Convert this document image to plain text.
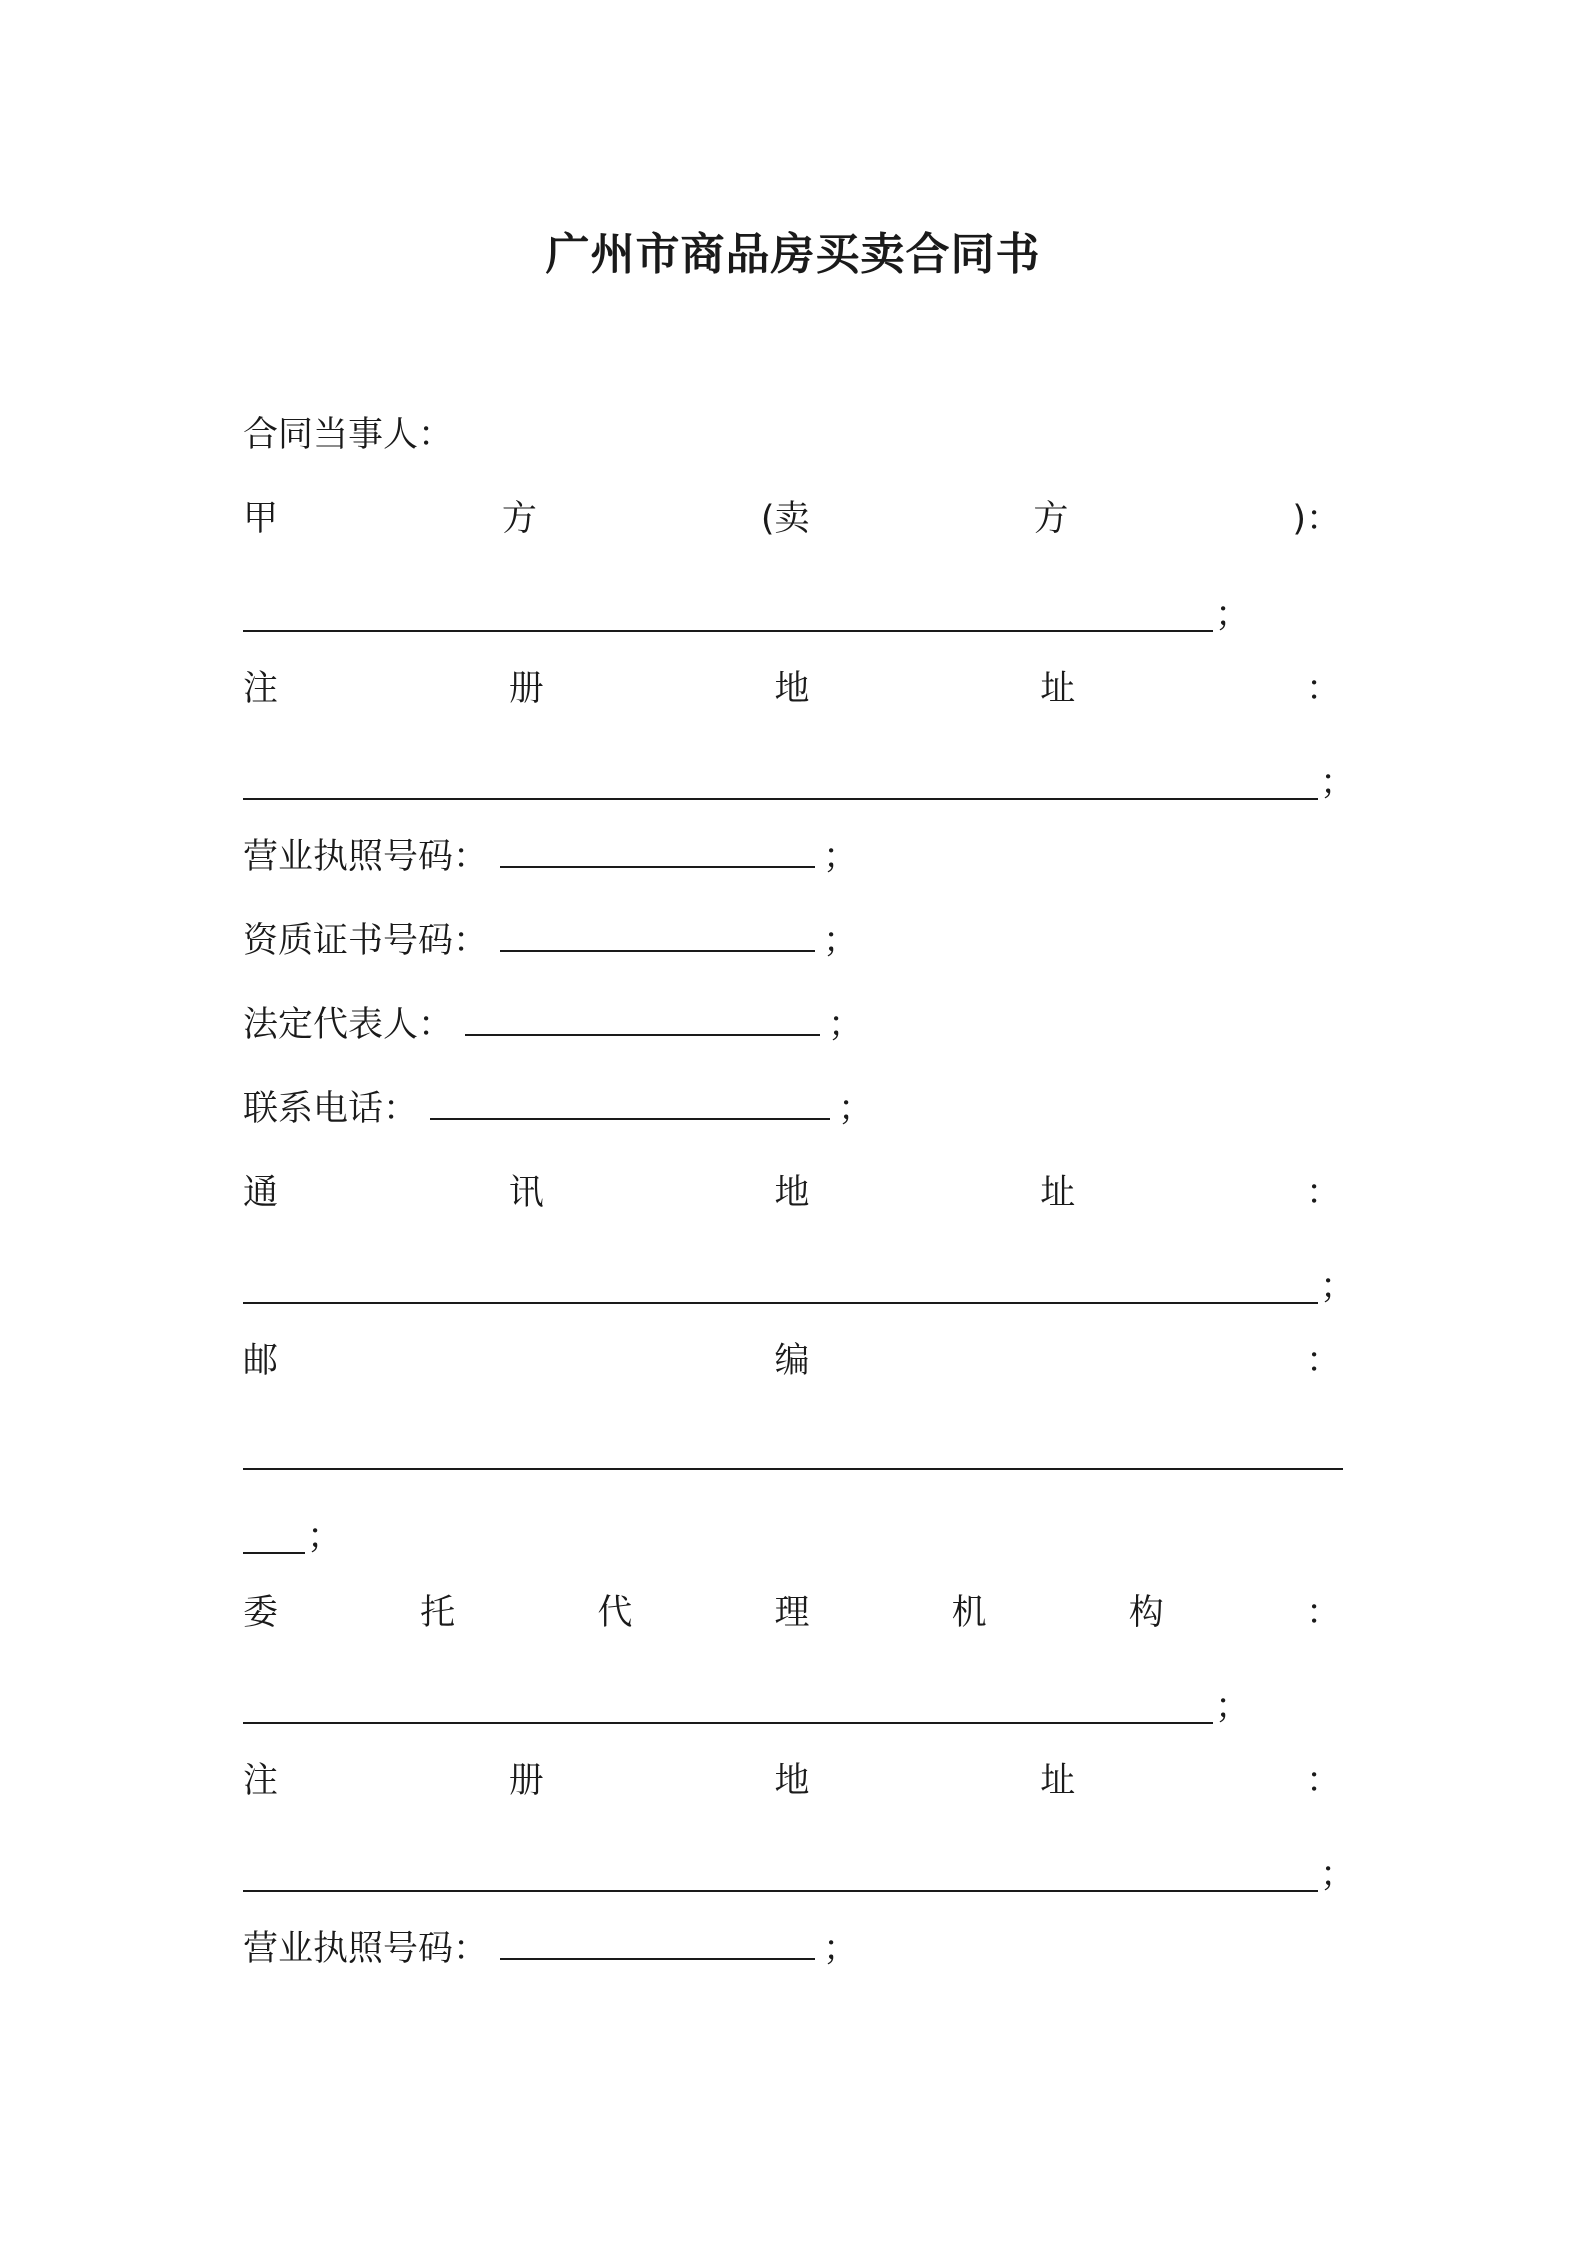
广州市商品房买卖合同书
合同当事人：
甲	方	(卖	方	)：
；
注	册	地	址	：
；
营业执照号码：	；
资质证书号码：	；
法定代表人：	；
联系电话：	；
通	讯	地	址	：
；
邮	编	：
；
委	托	代	理	机	构	：
；
注	册	地	址	：
；
营业执照号码：	；
